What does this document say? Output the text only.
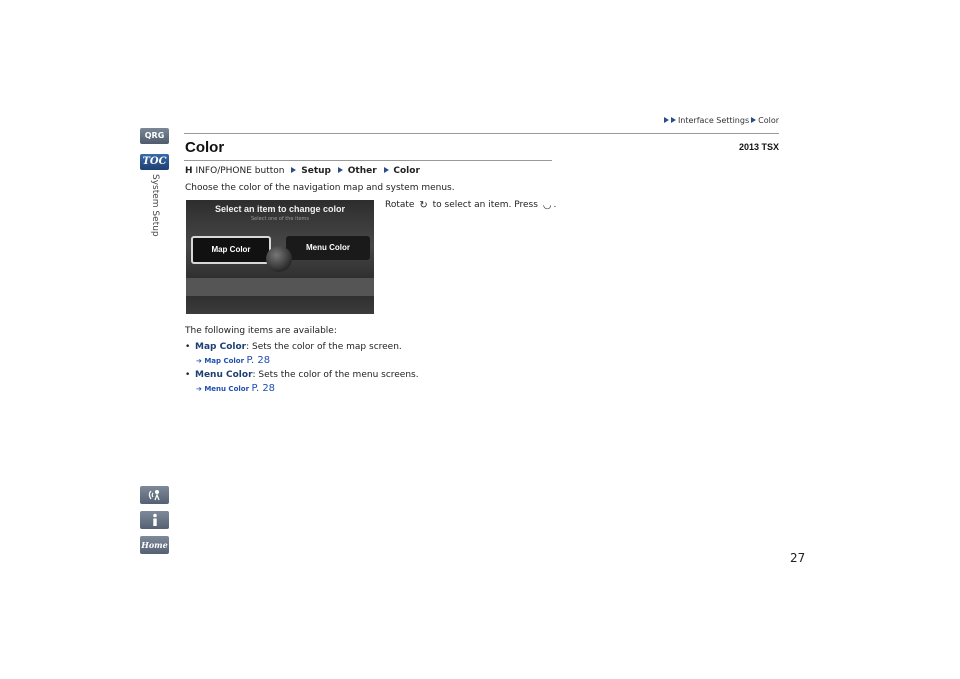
QRG
TOC
System Setup
Home
Interface Settings Color
2013 TSX
Color
H INFO/PHONE button Setup Other Color
Choose the color of the navigation map and system menus.
Rotate ↻ to select an item. Press ◡ .
Select an item to change color
Select one of the items
Map Color	Menu Color
The following items are available:
• Map Color: Sets the color of the map screen.
➔ Map Color P. 28
• Menu Color: Sets the color of the menu screens.
➔ Menu Color P. 28
27
